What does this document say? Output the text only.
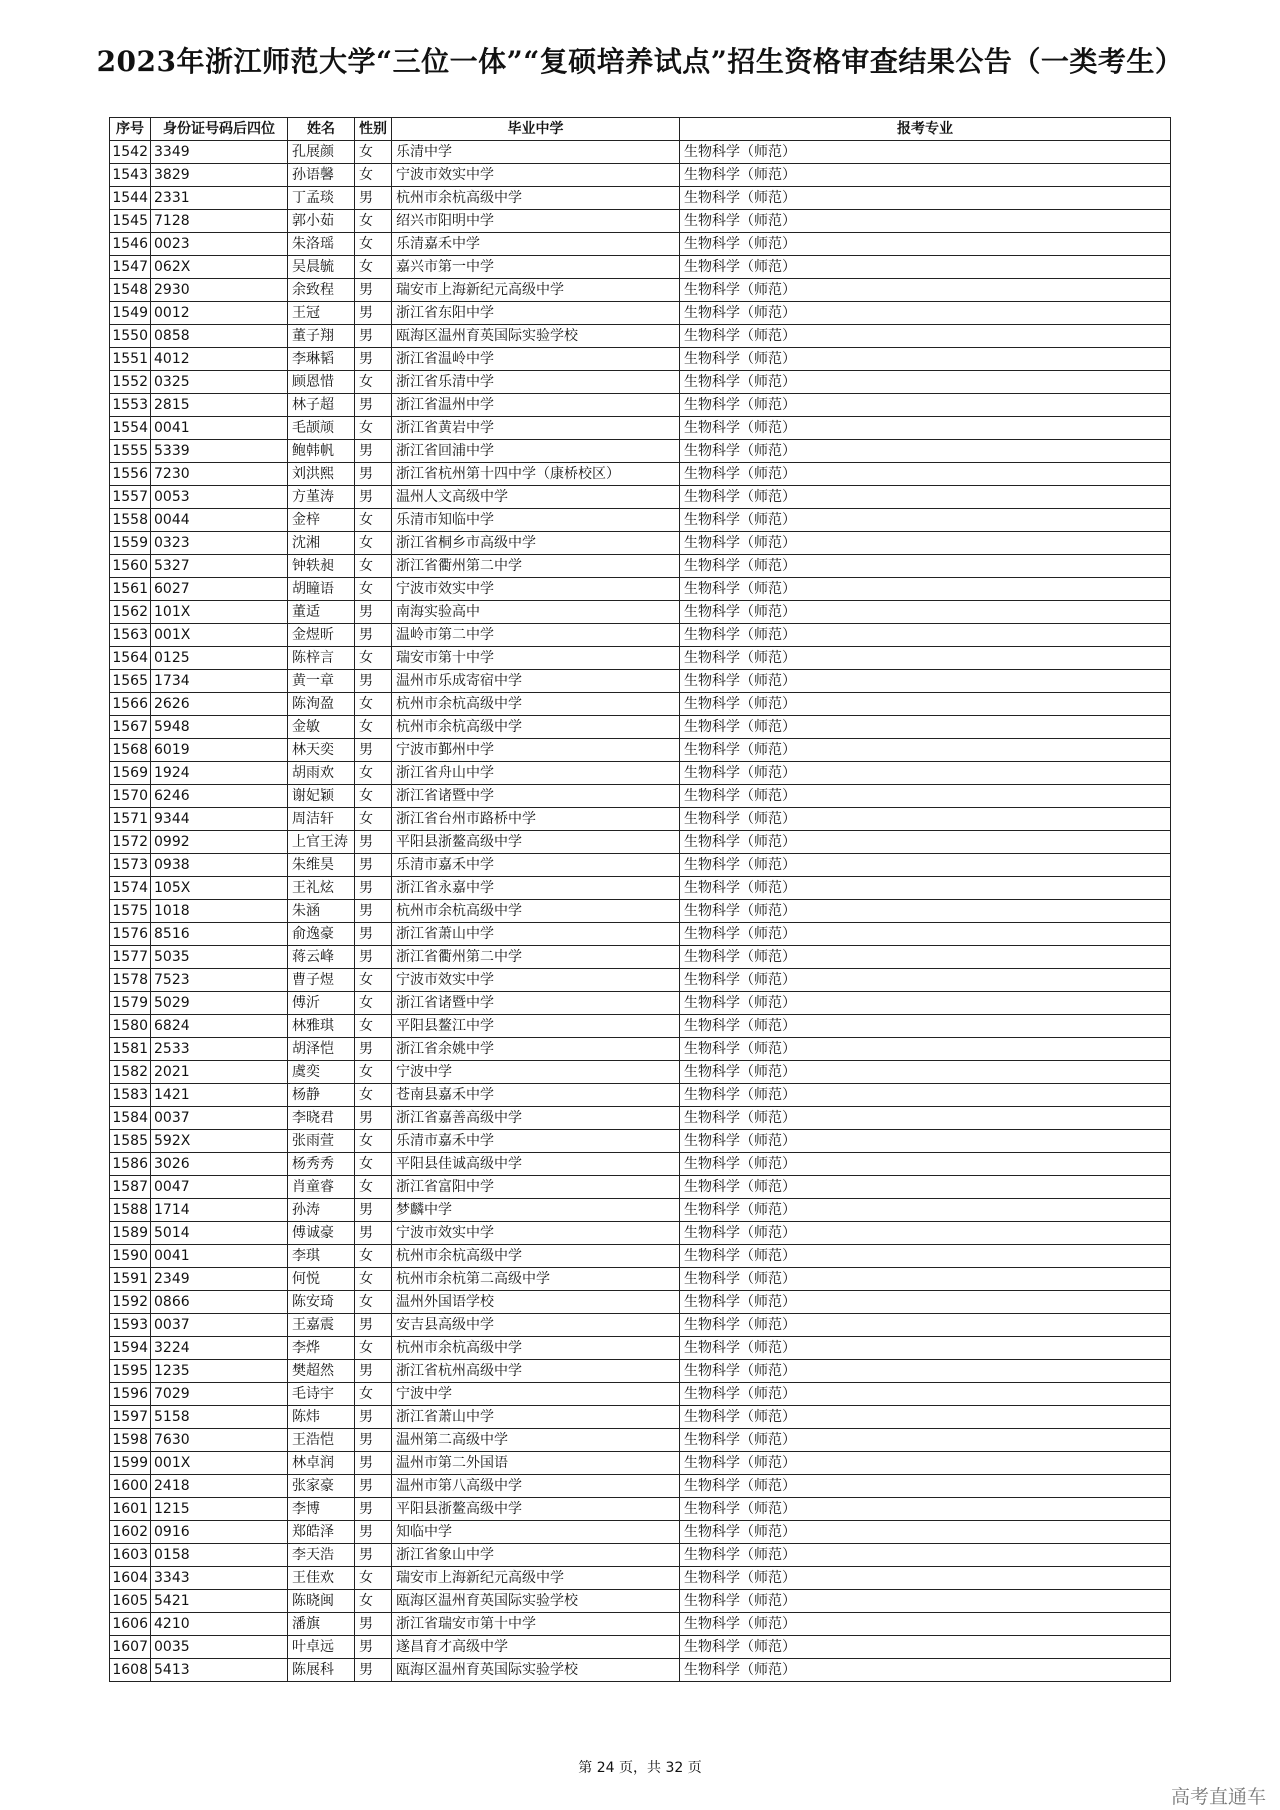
2023年浙江师范大学“三位一体”“复硕培养试点”招生资格审查结果公告（一类考生）
序号	身份证号码后四位	姓名	性别	毕业中学	报考专业
1542	3349	孔展颜	女	乐清中学	生物科学（师范）
1543	3829	孙语馨	女	宁波市效实中学	生物科学（师范）
1544	2331	丁孟琰	男	杭州市余杭高级中学	生物科学（师范）
1545	7128	郭小茹	女	绍兴市阳明中学	生物科学（师范）
1546	0023	朱洛瑶	女	乐清嘉禾中学	生物科学（师范）
1547	062X	吴晨毓	女	嘉兴市第一中学	生物科学（师范）
1548	2930	余致程	男	瑞安市上海新纪元高级中学	生物科学（师范）
1549	0012	王冠	男	浙江省东阳中学	生物科学（师范）
1550	0858	董子翔	男	瓯海区温州育英国际实验学校	生物科学（师范）
1551	4012	李琳韬	男	浙江省温岭中学	生物科学（师范）
1552	0325	顾恩惜	女	浙江省乐清中学	生物科学（师范）
1553	2815	林子超	男	浙江省温州中学	生物科学（师范）
1554	0041	毛颉颃	女	浙江省黄岩中学	生物科学（师范）
1555	5339	鲍韩帆	男	浙江省回浦中学	生物科学（师范）
1556	7230	刘洪熙	男	浙江省杭州第十四中学（康桥校区）	生物科学（师范）
1557	0053	方堇涛	男	温州人文高级中学	生物科学（师范）
1558	0044	金梓	女	乐清市知临中学	生物科学（师范）
1559	0323	沈湘	女	浙江省桐乡市高级中学	生物科学（师范）
1560	5327	钟轶昶	女	浙江省衢州第二中学	生物科学（师范）
1561	6027	胡瞳语	女	宁波市效实中学	生物科学（师范）
1562	101X	董适	男	南海实验高中	生物科学（师范）
1563	001X	金煜昕	男	温岭市第二中学	生物科学（师范）
1564	0125	陈梓言	女	瑞安市第十中学	生物科学（师范）
1565	1734	黄一章	男	温州市乐成寄宿中学	生物科学（师范）
1566	2626	陈洵盈	女	杭州市余杭高级中学	生物科学（师范）
1567	5948	金敏	女	杭州市余杭高级中学	生物科学（师范）
1568	6019	林天奕	男	宁波市鄞州中学	生物科学（师范）
1569	1924	胡雨欢	女	浙江省舟山中学	生物科学（师范）
1570	6246	谢妃颖	女	浙江省诸暨中学	生物科学（师范）
1571	9344	周洁轩	女	浙江省台州市路桥中学	生物科学（师范）
1572	0992	上官王涛	男	平阳县浙鳌高级中学	生物科学（师范）
1573	0938	朱维昊	男	乐清市嘉禾中学	生物科学（师范）
1574	105X	王礼炫	男	浙江省永嘉中学	生物科学（师范）
1575	1018	朱涵	男	杭州市余杭高级中学	生物科学（师范）
1576	8516	俞逸豪	男	浙江省萧山中学	生物科学（师范）
1577	5035	蒋云峰	男	浙江省衢州第二中学	生物科学（师范）
1578	7523	曹子煜	女	宁波市效实中学	生物科学（师范）
1579	5029	傅沂	女	浙江省诸暨中学	生物科学（师范）
1580	6824	林雅琪	女	平阳县鳌江中学	生物科学（师范）
1581	2533	胡泽恺	男	浙江省余姚中学	生物科学（师范）
1582	2021	虞奕	女	宁波中学	生物科学（师范）
1583	1421	杨静	女	苍南县嘉禾中学	生物科学（师范）
1584	0037	李晓君	男	浙江省嘉善高级中学	生物科学（师范）
1585	592X	张雨萱	女	乐清市嘉禾中学	生物科学（师范）
1586	3026	杨秀秀	女	平阳县佳诚高级中学	生物科学（师范）
1587	0047	肖童睿	女	浙江省富阳中学	生物科学（师范）
1588	1714	孙涛	男	梦麟中学	生物科学（师范）
1589	5014	傅诚豪	男	宁波市效实中学	生物科学（师范）
1590	0041	李琪	女	杭州市余杭高级中学	生物科学（师范）
1591	2349	何悦	女	杭州市余杭第二高级中学	生物科学（师范）
1592	0866	陈安琦	女	温州外国语学校	生物科学（师范）
1593	0037	王嘉震	男	安吉县高级中学	生物科学（师范）
1594	3224	李烨	女	杭州市余杭高级中学	生物科学（师范）
1595	1235	樊超然	男	浙江省杭州高级中学	生物科学（师范）
1596	7029	毛诗宇	女	宁波中学	生物科学（师范）
1597	5158	陈炜	男	浙江省萧山中学	生物科学（师范）
1598	7630	王浩恺	男	温州第二高级中学	生物科学（师范）
1599	001X	林卓润	男	温州市第二外国语	生物科学（师范）
1600	2418	张家豪	男	温州市第八高级中学	生物科学（师范）
1601	1215	李博	男	平阳县浙鳌高级中学	生物科学（师范）
1602	0916	郑皓泽	男	知临中学	生物科学（师范）
1603	0158	李天浩	男	浙江省象山中学	生物科学（师范）
1604	3343	王佳欢	女	瑞安市上海新纪元高级中学	生物科学（师范）
1605	5421	陈晓闽	女	瓯海区温州育英国际实验学校	生物科学（师范）
1606	4210	潘旗	男	浙江省瑞安市第十中学	生物科学（师范）
1607	0035	叶卓远	男	遂昌育才高级中学	生物科学（师范）
1608	5413	陈展科	男	瓯海区温州育英国际实验学校	生物科学（师范）
第 24 页，共 32 页
高考直通车
